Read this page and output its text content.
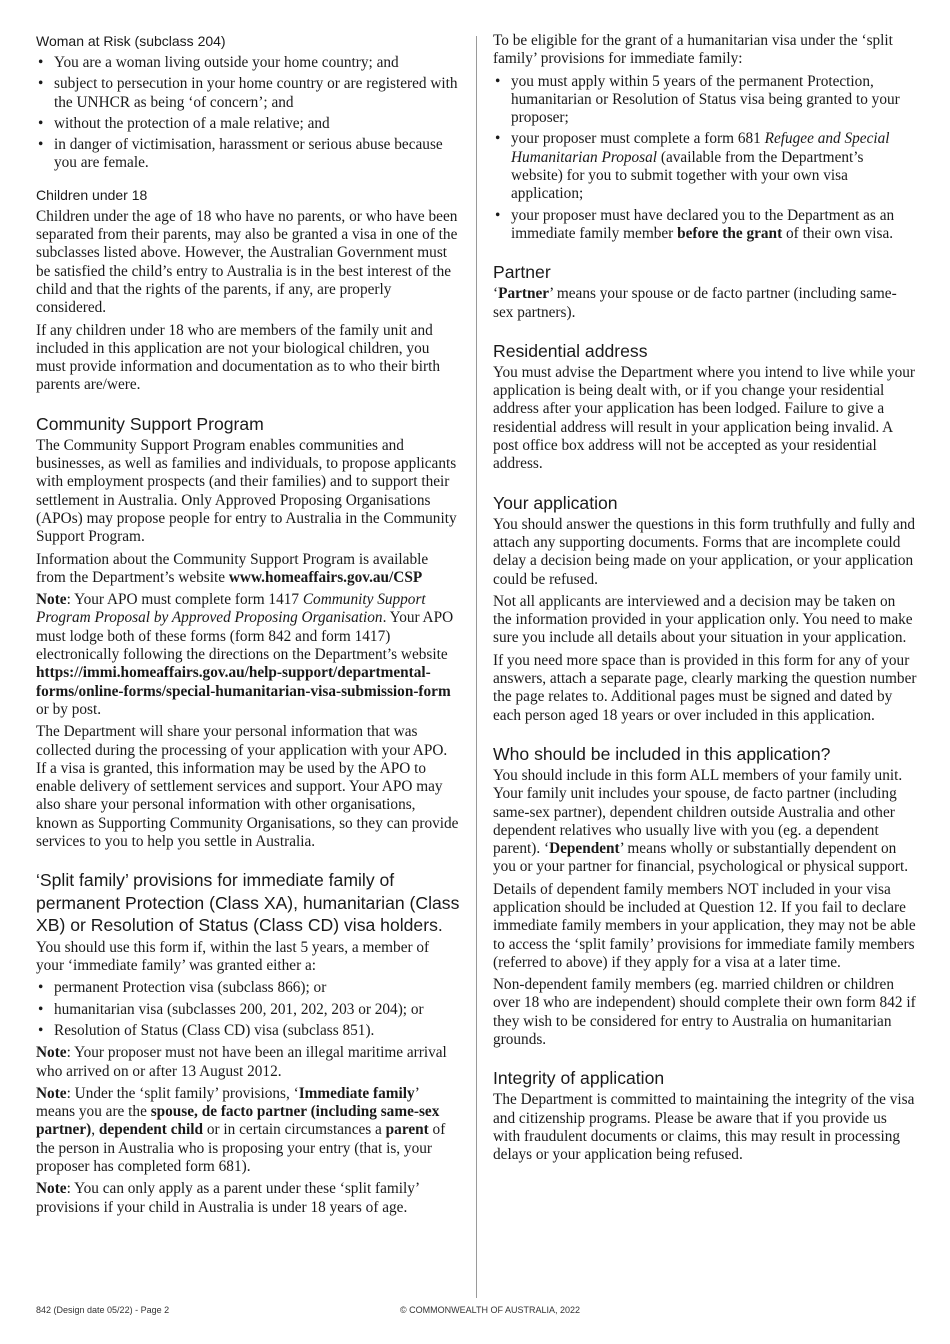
Woman at Risk (subclass 204)
• You are a woman living outside your home country; and
• subject to persecution in your home country or are registered with the UNHCR as being ‘of concern’; and
• without the protection of a male relative; and
• in danger of victimisation, harassment or serious abuse because you are female.
Children under 18

Children under the age of 18 who have no parents, or who have been separated from their parents, may also be granted a visa in one of the subclasses listed above. However, the Australian Government must be satisfied the child’s entry to Australia is in the best interest of the child and that the rights of the parents, if any, are properly considered.

If any children under 18 who are members of the family unit and included in this application are not your biological children, you must provide information and documentation as to who their birth parents are/were.

Community Support Program

The Community Support Program enables communities and businesses, as well as families and individuals, to propose applicants with employment prospects (and their families) and to support their settlement in Australia. Only Approved Proposing Organisations (APOs) may propose people for entry to Australia in the Community Support Program.

Information about the Community Support Program is available from the Department’s website www.homeaffairs.gov.au/CSP

Note: Your APO must complete form 1417 Community Support Program Proposal by Approved Proposing Organisation. Your APO must lodge both of these forms (form 842 and form 1417) electronically following the directions on the Department’s website https://immi.homeaffairs.gov.au/help-support/departmental-forms/online-forms/special-humanitarian-visa-submission-form or by post.

The Department will share your personal information that was collected during the processing of your application with your APO. If a visa is granted, this information may be used by the APO to enable delivery of settlement services and support. Your APO may also share your personal information with other organisations, known as Supporting Community Organisations, so they can provide services to you to help you settle in Australia.

‘Split family’ provisions for immediate family of permanent Protection (Class XA), humanitarian (Class XB) or Resolution of Status (Class CD) visa holders.

You should use this form if, within the last 5 years, a member of your ‘immediate family’ was granted either a:

• permanent Protection visa (subclass 866); or
• humanitarian visa (subclasses 200, 201, 202, 203 or 204); or
• Resolution of Status (Class CD) visa (subclass 851).

Note: Your proposer must not have been an illegal maritime arrival who arrived on or after 13 August 2012.

Note: Under the ‘split family’ provisions, ‘Immediate family’ means you are the spouse, de facto partner (including same-sex partner), dependent child or in certain circumstances a parent of the person in Australia who is proposing your entry (that is, your proposer has completed form 681).

Note: You can only apply as a parent under these ‘split family’ provisions if your child in Australia is under 18 years of age.

To be eligible for the grant of a humanitarian visa under the ‘split family’ provisions for immediate family:

• you must apply within 5 years of the permanent Protection, humanitarian or Resolution of Status visa being granted to your proposer;
• your proposer must complete a form 681 Refugee and Special Humanitarian Proposal (available from the Department’s website) for you to submit together with your own visa application;
• your proposer must have declared you to the Department as an immediate family member before the grant of their own visa.
Partner

‘Partner’ means your spouse or de facto partner (including same-sex partners).

Residential address

You must advise the Department where you intend to live while your application is being dealt with, or if you change your residential address after your application has been lodged. Failure to give a residential address will result in your application being invalid. A post office box address will not be accepted as your residential address.

Your application

You should answer the questions in this form truthfully and fully and attach any supporting documents. Forms that are incomplete could delay a decision being made on your application, or your application could be refused.

Not all applicants are interviewed and a decision may be taken on the information provided in your application only. You need to make sure you include all details about your situation in your application.

If you need more space than is provided in this form for any of your answers, attach a separate page, clearly marking the question number the page relates to. Additional pages must be signed and dated by each person aged 18 years or over included in this application.

Who should be included in this application?

You should include in this form ALL members of your family unit. Your family unit includes your spouse, de facto partner (including same-sex partner), dependent children outside Australia and other dependent relatives who usually live with you (eg. a dependent parent). ‘Dependent’ means wholly or substantially dependent on you or your partner for financial, psychological or physical support.

Details of dependent family members NOT included in your visa application should be included at Question 12. If you fail to declare immediate family members in your application, they may not be able to access the ‘split family’ provisions for immediate family members (referred to above) if they apply for a visa at a later time.

Non-dependent family members (eg. married children or children over 18 who are independent) should complete their own form 842 if they wish to be considered for entry to Australia on humanitarian grounds.

Integrity of application

The Department is committed to maintaining the integrity of the visa and citizenship programs. Please be aware that if you provide us with fraudulent documents or claims, this may result in processing delays or your application being refused.

842 (Design date 05/22) - Page 2	© COMMONWEALTH OF AUSTRALIA, 2022
